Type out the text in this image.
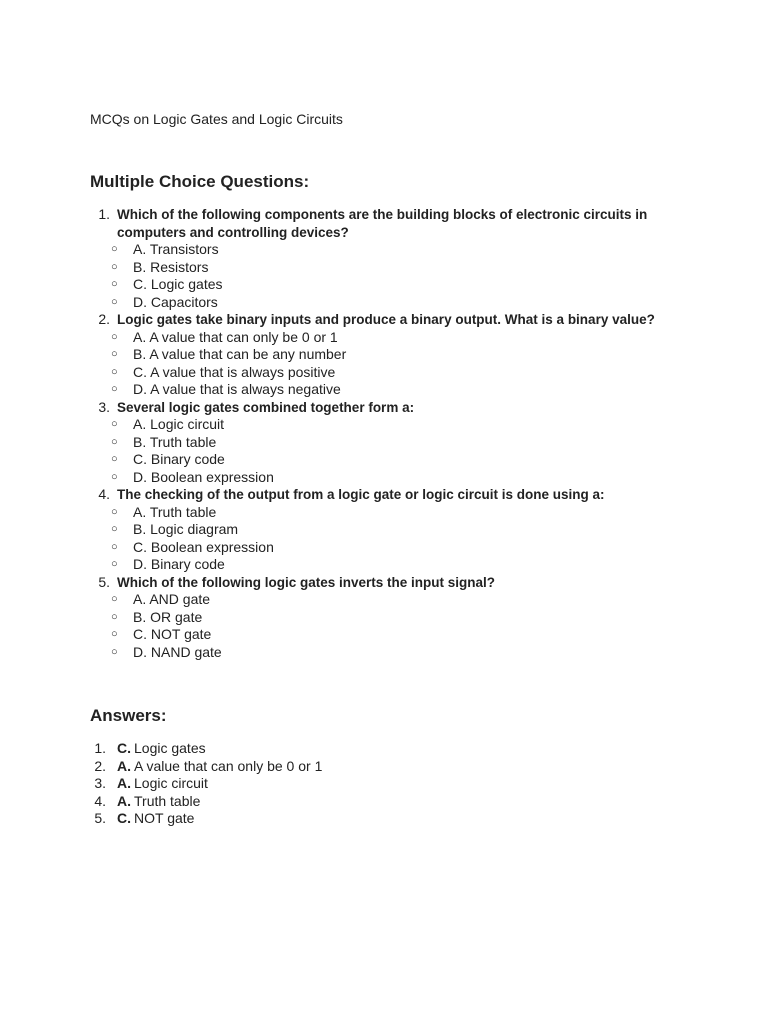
MCQs on Logic Gates and Logic Circuits
Multiple Choice Questions:
1. Which of the following components are the building blocks of electronic circuits in computers and controlling devices?
○ A. Transistors
○ B. Resistors
○ C. Logic gates
○ D. Capacitors
2. Logic gates take binary inputs and produce a binary output. What is a binary value?
○ A. A value that can only be 0 or 1
○ B. A value that can be any number
○ C. A value that is always positive
○ D. A value that is always negative
3. Several logic gates combined together form a:
○ A. Logic circuit
○ B. Truth table
○ C. Binary code
○ D. Boolean expression
4. The checking of the output from a logic gate or logic circuit is done using a:
○ A. Truth table
○ B. Logic diagram
○ C. Boolean expression
○ D. Binary code
5. Which of the following logic gates inverts the input signal?
○ A. AND gate
○ B. OR gate
○ C. NOT gate
○ D. NAND gate
Answers:
1. C. Logic gates
2. A. A value that can only be 0 or 1
3. A. Logic circuit
4. A. Truth table
5. C. NOT gate
